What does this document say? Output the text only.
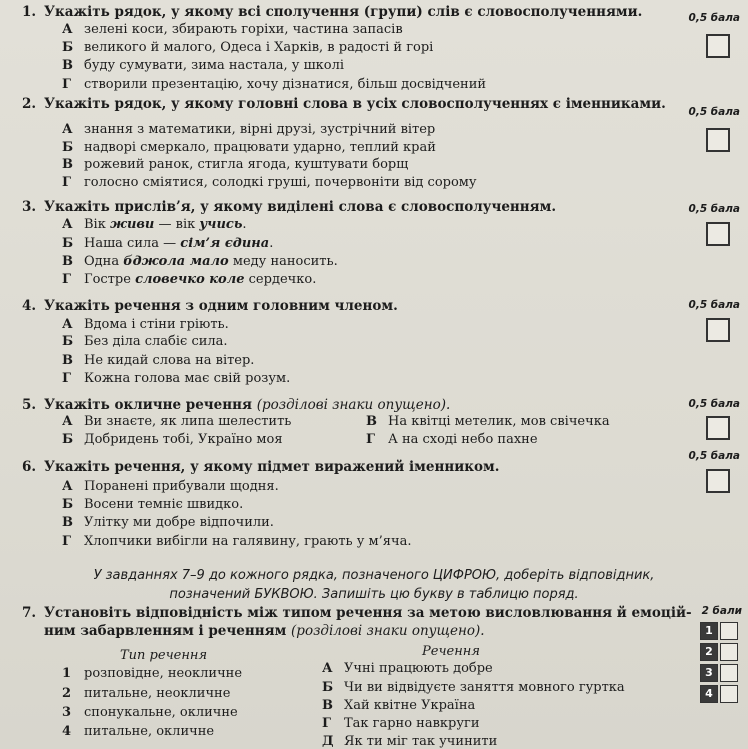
1. Укажіть рядок, у якому всі сполучення (групи) слів є словосполученнями.	0,5 бала
А зелені коси, збирають горіхи, частина запасів
Б великого й малого, Одеса і Харків, в радості й горі
В буду сумувати, зима настала, у школі
Г створили презентацію, хочу дізнатися, більш досвідчений
2. Укажіть рядок, у якому головні слова в усіх словосполученнях є іменниками. 0,5 бала
А знання з математики, вірні друзі, зустрічний вітер
Б надворі смеркало, працювати ударно, теплий край
В рожевий ранок, стигла ягода, куштувати борщ
Г голосно сміятися, солодкі груші, почервоніти від сорому
3. Укажіть прислів’я, у якому виділені слова є словосполученням.	0,5 бала
А Вік живи — вік учись.
Б Наша сила — сім’я єдина.
В Одна бджола мало меду наносить.
Г Гостре словечко коле сердечко.
4. Укажіть речення з одним головним членом.	0,5 бала
А Вдома і стіни гріють.
Б Без діла слабіє сила.
В Не кидай слова на вітер.
Г Кожна голова має свій розум.
5. Укажіть окличне речення (розділові знаки опущено).	0,5 бала
А Ви знаєте, як липа шелестить
Б Добридень тобі, Україно моя
В На квітці метелик, мов свічечка
Г А на сході небо пахне
0,5 бала
6. Укажіть речення, у якому підмет виражений іменником.
А Поранені прибували щодня.
Б Восени темніє швидко.
В Улітку ми добре відпочили.
Г Хлопчики вибігли на галявину, грають у м’яча.
У завданнях 7–9 до кожного рядка, позначеного ЦИФРОЮ, доберіть відповідник,
позначений БУКВОЮ. Запишіть цю букву в таблицю поряд.
7. Установіть відповідність між типом речення за метою висловлювання й емоцій-
ним забарвленням і реченням (розділові знаки опущено).
2 бали
Тип речення	Речення
1 розповідне, неокличне
2 питальне, неокличне
3 спонукальне, окличне
4 питальне, окличне
А Учні працюють добре
Б Чи ви відвідуєте заняття мовного гуртка
В Хай квітне Україна
Г Так гарно навкруги
Д Як ти міг так учинити
1
2
3
4
